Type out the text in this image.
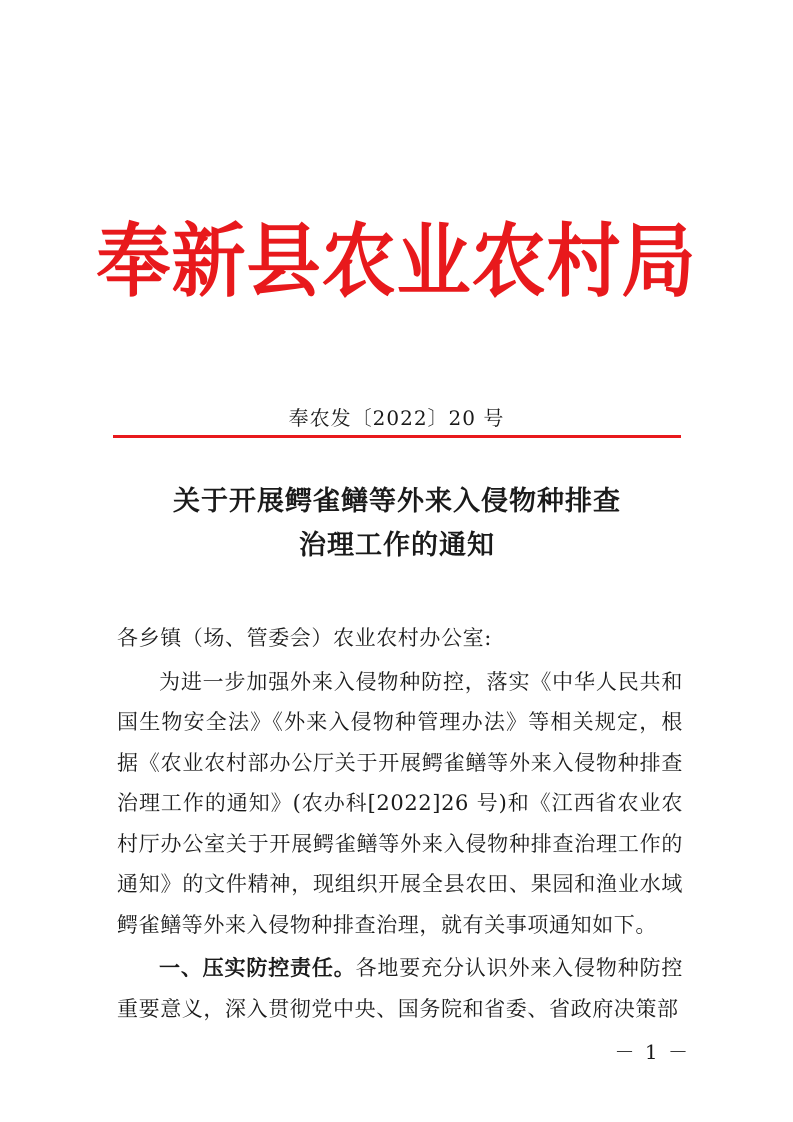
奉新县农业农村局
奉农发〔2022〕20 号
关于开展鳄雀鳝等外来入侵物种排查
治理工作的通知

各乡镇（场、管委会）农业农村办公室:

为进一步加强外来入侵物种防控，落实《中华人民共和国生物安全法》《外来入侵物种管理办法》等相关规定，根据《农业农村部办公厅关于开展鳄雀鳝等外来入侵物种排查治理工作的通知》(农办科[2022]26 号)和《江西省农业农村厅办公室关于开展鳄雀鳝等外来入侵物种排查治理工作的通知》的文件精神，现组织开展全县农田、果园和渔业水域鳄雀鳝等外来入侵物种排查治理，就有关事项通知如下。

一、压实防控责任。各地要充分认识外来入侵物种防控重要意义，深入贯彻党中央、国务院和省委、省政府决策部

－ 1 －
